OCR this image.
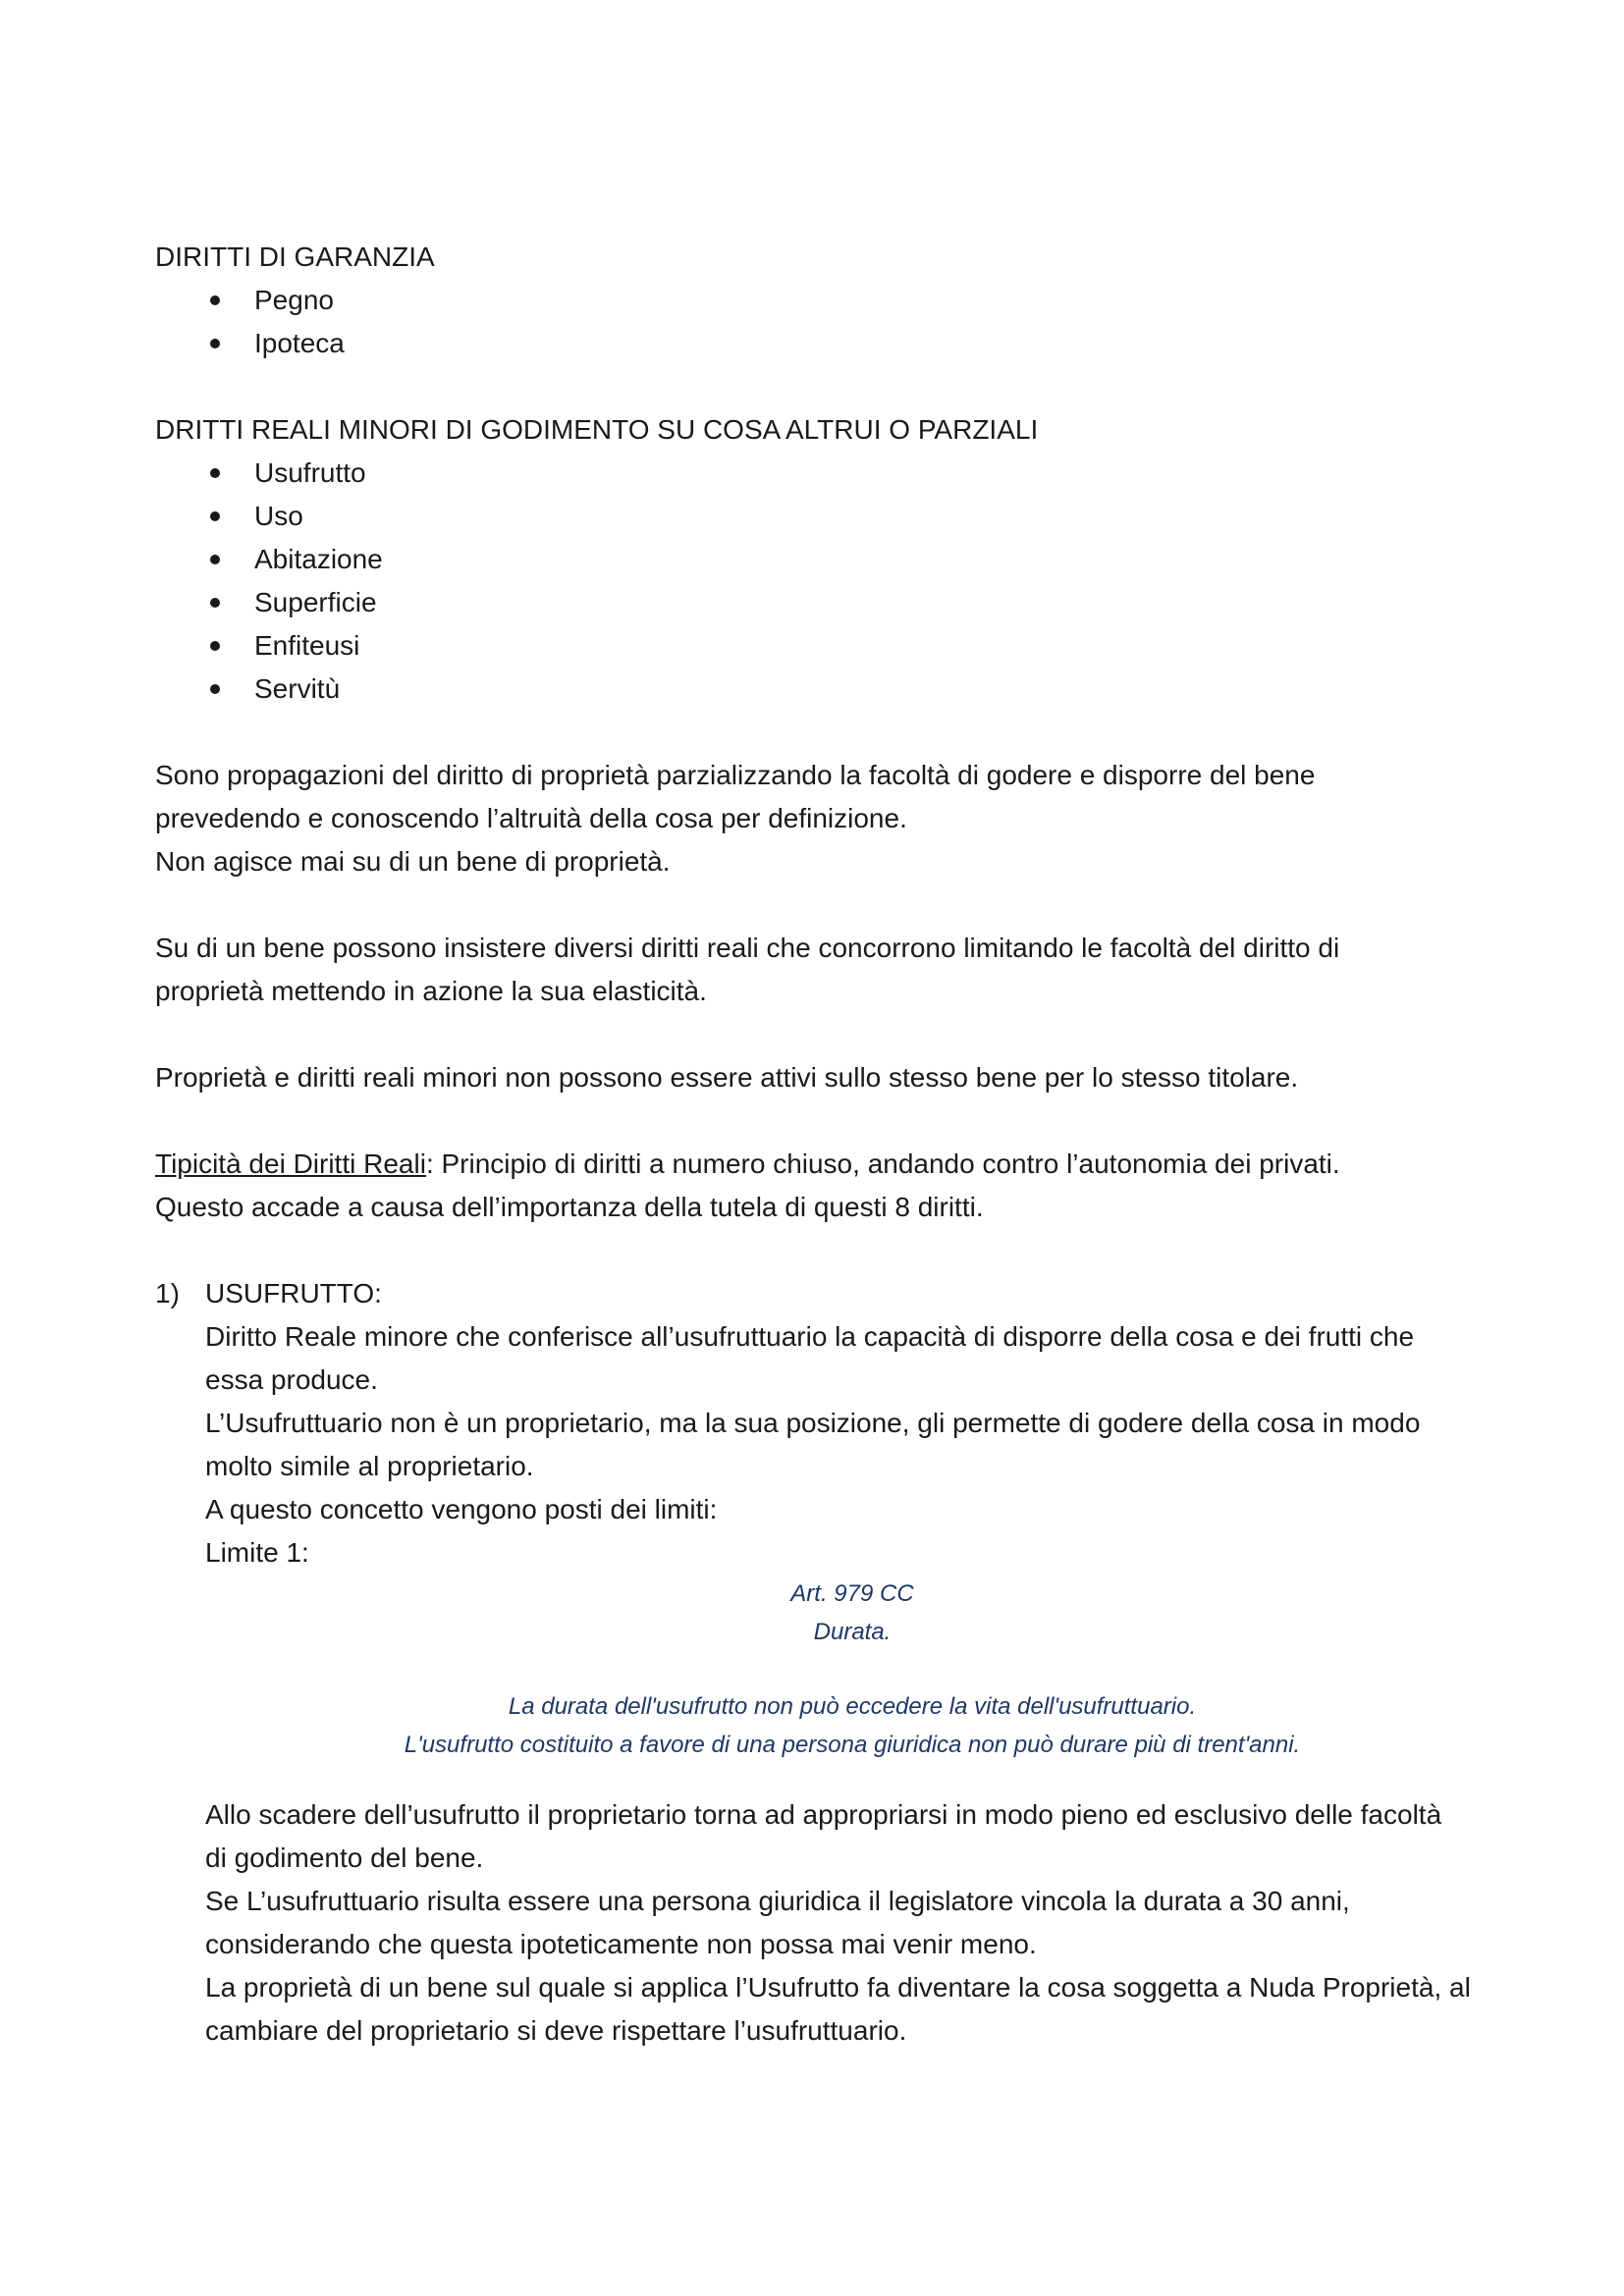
DIRITTI DI GARANZIA
Pegno
Ipoteca
DRITTI REALI MINORI DI GODIMENTO SU COSA ALTRUI O PARZIALI
Usufrutto
Uso
Abitazione
Superficie
Enfiteusi
Servitù

Sono propagazioni del diritto di proprietà parzializzando la facoltà di godere e disporre del bene

prevedendo e conoscendo l’altruità della cosa per definizione.

Non agisce mai su di un bene di proprietà.

Su di un bene possono insistere diversi diritti reali che concorrono limitando le facoltà del diritto di

proprietà mettendo in azione la sua elasticità.

Proprietà e diritti reali minori non possono essere attivi sullo stesso bene per lo stesso titolare.

Tipicità dei Diritti Reali: Principio di diritti a numero chiuso, andando contro l’autonomia dei privati.

Questo accade a causa dell’importanza della tutela di questi 8 diritti.

1) USUFRUTTO:

Diritto Reale minore che conferisce all’usufruttuario la capacità di disporre della cosa e dei frutti che

essa produce.

L’Usufruttuario non è un proprietario, ma la sua posizione, gli permette di godere della cosa in modo

molto simile al proprietario.

A questo concetto vengono posti dei limiti:

Limite 1:

Art. 979 CC

Durata.

La durata dell'usufrutto non può eccedere la vita dell'usufruttuario.

L'usufrutto costituito a favore di una persona giuridica non può durare più di trent'anni.

Allo scadere dell’usufrutto il proprietario torna ad appropriarsi in modo pieno ed esclusivo delle facoltà

di godimento del bene.

Se L’usufruttuario risulta essere una persona giuridica il legislatore vincola la durata a 30 anni,

considerando che questa ipoteticamente non possa mai venir meno.

La proprietà di un bene sul quale si applica l’Usufrutto fa diventare la cosa soggetta a Nuda Proprietà, al

cambiare del proprietario si deve rispettare l’usufruttuario.
